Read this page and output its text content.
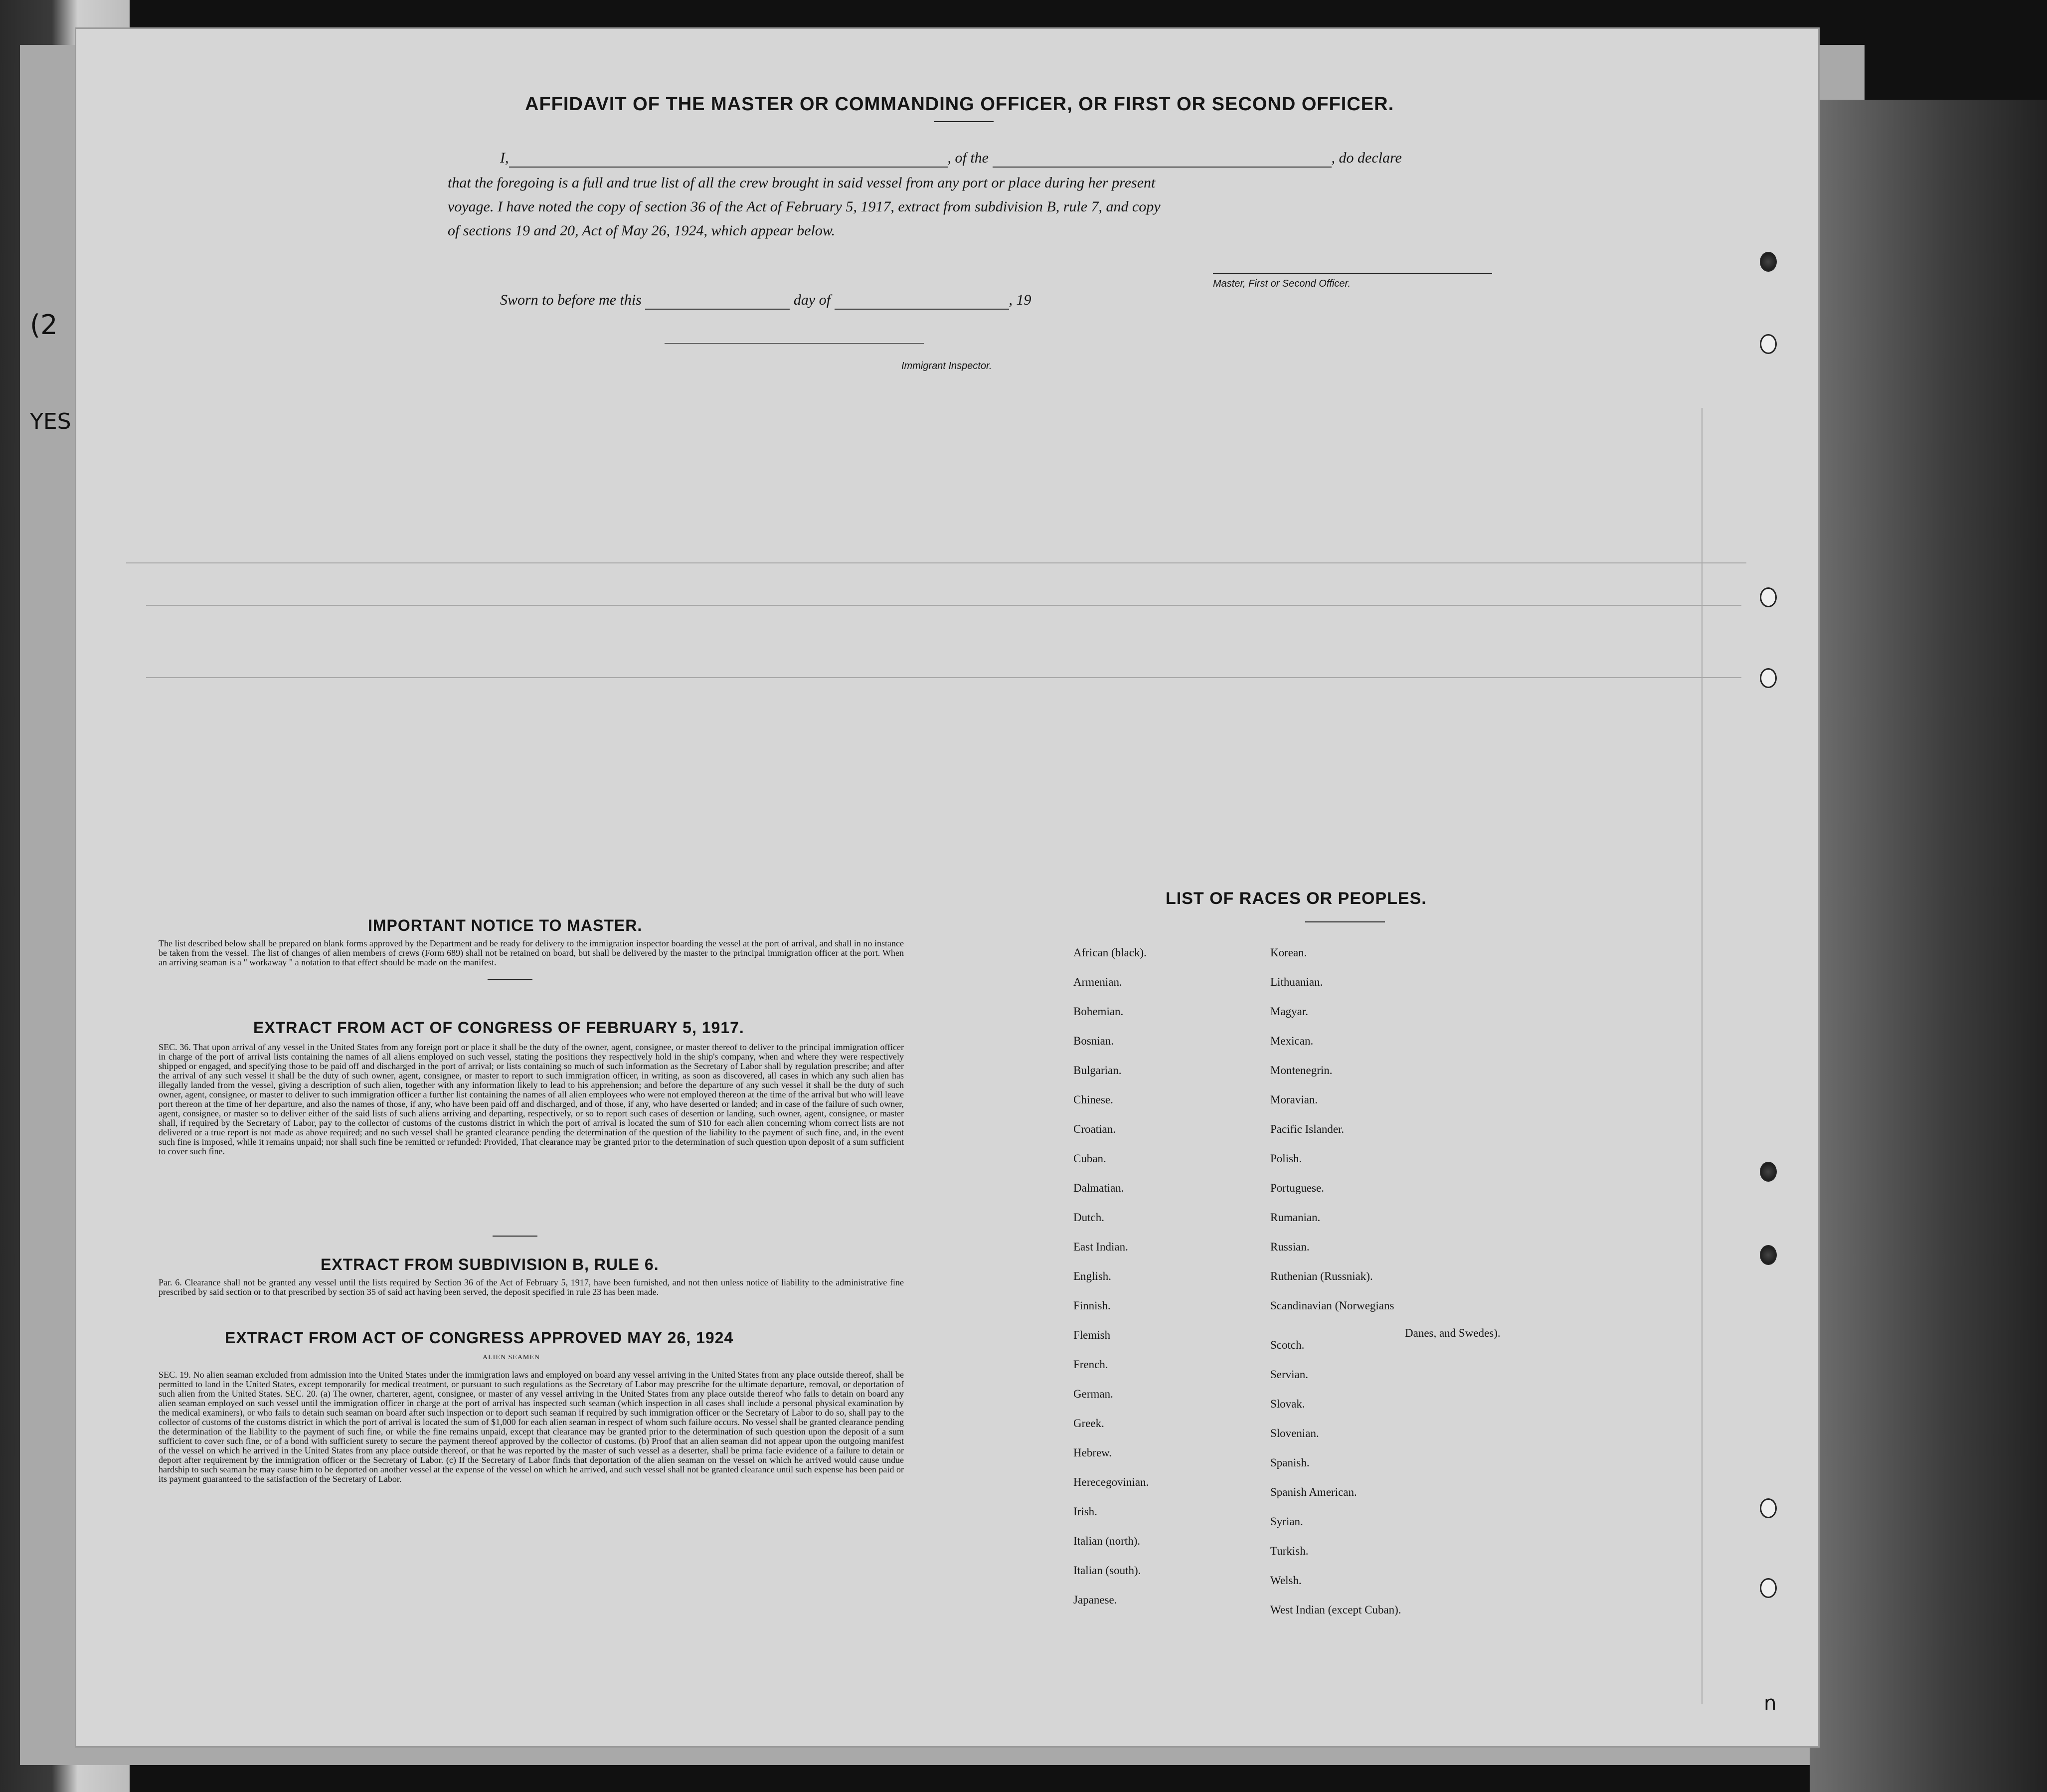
(2
YES
AFFIDAVIT OF THE MASTER OR COMMANDING OFFICER, OR FIRST OR SECOND OFFICER.
I,	, of the	, do declare
that the foregoing is a full and true list of all the crew brought in said vessel from any port or place during her present
voyage. I have noted the copy of section 36 of the Act of February 5, 1917, extract from subdivision B, rule 7, and copy
of sections 19 and 20, Act of May 26, 1924, which appear below.
Master, First or Second Officer.
Sworn to before me this	day of	, 19
Immigrant Inspector.
IMPORTANT NOTICE TO MASTER.
The list described below shall be prepared on blank forms approved by the Department and be ready for delivery to the immigration inspector boarding the vessel at the port of arrival, and shall in no instance be taken from the vessel. The list of changes of alien members of crews (Form 689) shall not be retained on board, but shall be delivered by the master to the principal immigration officer at the port. When an arriving seaman is a " workaway " a notation to that effect should be made on the manifest.
EXTRACT FROM ACT OF CONGRESS OF FEBRUARY 5, 1917.
SEC. 36. That upon arrival of any vessel in the United States from any foreign port or place it shall be the duty of the owner, agent, consignee, or master thereof to deliver to the principal immigration officer in charge of the port of arrival lists containing the names of all aliens employed on such vessel, stating the positions they respectively hold in the ship's company, when and where they were respectively shipped or engaged, and specifying those to be paid off and discharged in the port of arrival; or lists containing so much of such information as the Secretary of Labor shall by regulation prescribe; and after the arrival of any such vessel it shall be the duty of such owner, agent, consignee, or master to report to such immigration officer, in writing, as soon as discovered, all cases in which any such alien has illegally landed from the vessel, giving a description of such alien, together with any information likely to lead to his apprehension; and before the departure of any such vessel it shall be the duty of such owner, agent, consignee, or master to deliver to such immigration officer a further list containing the names of all alien employees who were not employed thereon at the time of the arrival but who will leave port thereon at the time of her departure, and also the names of those, if any, who have been paid off and discharged, and of those, if any, who have deserted or landed; and in case of the failure of such owner, agent, consignee, or master so to deliver either of the said lists of such aliens arriving and departing, respectively, or so to report such cases of desertion or landing, such owner, agent, consignee, or master shall, if required by the Secretary of Labor, pay to the collector of customs of the customs district in which the port of arrival is located the sum of $10 for each alien concerning whom correct lists are not delivered or a true report is not made as above required; and no such vessel shall be granted clearance pending the determination of the question of the liability to the payment of such fine, and, in the event such fine is imposed, while it remains unpaid; nor shall such fine be remitted or refunded: Provided, That clearance may be granted prior to the determination of such question upon deposit of a sum sufficient to cover such fine.
EXTRACT FROM SUBDIVISION B, RULE 6.
Par. 6. Clearance shall not be granted any vessel until the lists required by Section 36 of the Act of February 5, 1917, have been furnished, and not then unless notice of liability to the administrative fine prescribed by said section or to that prescribed by section 35 of said act having been served, the deposit specified in rule 23 has been made.
EXTRACT FROM ACT OF CONGRESS APPROVED MAY 26, 1924
ALIEN SEAMEN
SEC. 19. No alien seaman excluded from admission into the United States under the immigration laws and employed on board any vessel arriving in the United States from any place outside thereof, shall be permitted to land in the United States, except temporarily for medical treatment, or pursuant to such regulations as the Secretary of Labor may prescribe for the ultimate departure, removal, or deportation of such alien from the United States. SEC. 20. (a) The owner, charterer, agent, consignee, or master of any vessel arriving in the United States from any place outside thereof who fails to detain on board any alien seaman employed on such vessel until the immigration officer in charge at the port of arrival has inspected such seaman (which inspection in all cases shall include a personal physical examination by the medical examiners), or who fails to detain such seaman on board after such inspection or to deport such seaman if required by such immigration officer or the Secretary of Labor to do so, shall pay to the collector of customs of the customs district in which the port of arrival is located the sum of $1,000 for each alien seaman in respect of whom such failure occurs. No vessel shall be granted clearance pending the determination of the liability to the payment of such fine, or while the fine remains unpaid, except that clearance may be granted prior to the determination of such question upon the deposit of a sum sufficient to cover such fine, or of a bond with sufficient surety to secure the payment thereof approved by the collector of customs. (b) Proof that an alien seaman did not appear upon the outgoing manifest of the vessel on which he arrived in the United States from any place outside thereof, or that he was reported by the master of such vessel as a deserter, shall be prima facie evidence of a failure to detain or deport after requirement by the immigration officer or the Secretary of Labor. (c) If the Secretary of Labor finds that deportation of the alien seaman on the vessel on which he arrived would cause undue hardship to such seaman he may cause him to be deported on another vessel at the expense of the vessel on which he arrived, and such vessel shall not be granted clearance until such expense has been paid or its payment guaranteed to the satisfaction of the Secretary of Labor.
LIST OF RACES OR PEOPLES.
African (black).
Armenian.
Bohemian.
Bosnian.
Bulgarian.
Chinese.
Croatian.
Cuban.
Dalmatian.
Dutch.
East Indian.
English.
Finnish.
Flemish
French.
German.
Greek.
Hebrew.
Herecegovinian.
Irish.
Italian (north).
Italian (south).
Japanese.
Korean.
Lithuanian.
Magyar.
Mexican.
Montenegrin.
Moravian.
Pacific Islander.
Polish.
Portuguese.
Rumanian.
Russian.
Ruthenian (Russniak).
Scandinavian (Norwegians
Scotch.
Servian.
Slovak.
Slovenian.
Spanish.
Spanish American.
Syrian.
Turkish.
Welsh.
West Indian (except Cuban).
Danes, and Swedes).
n
